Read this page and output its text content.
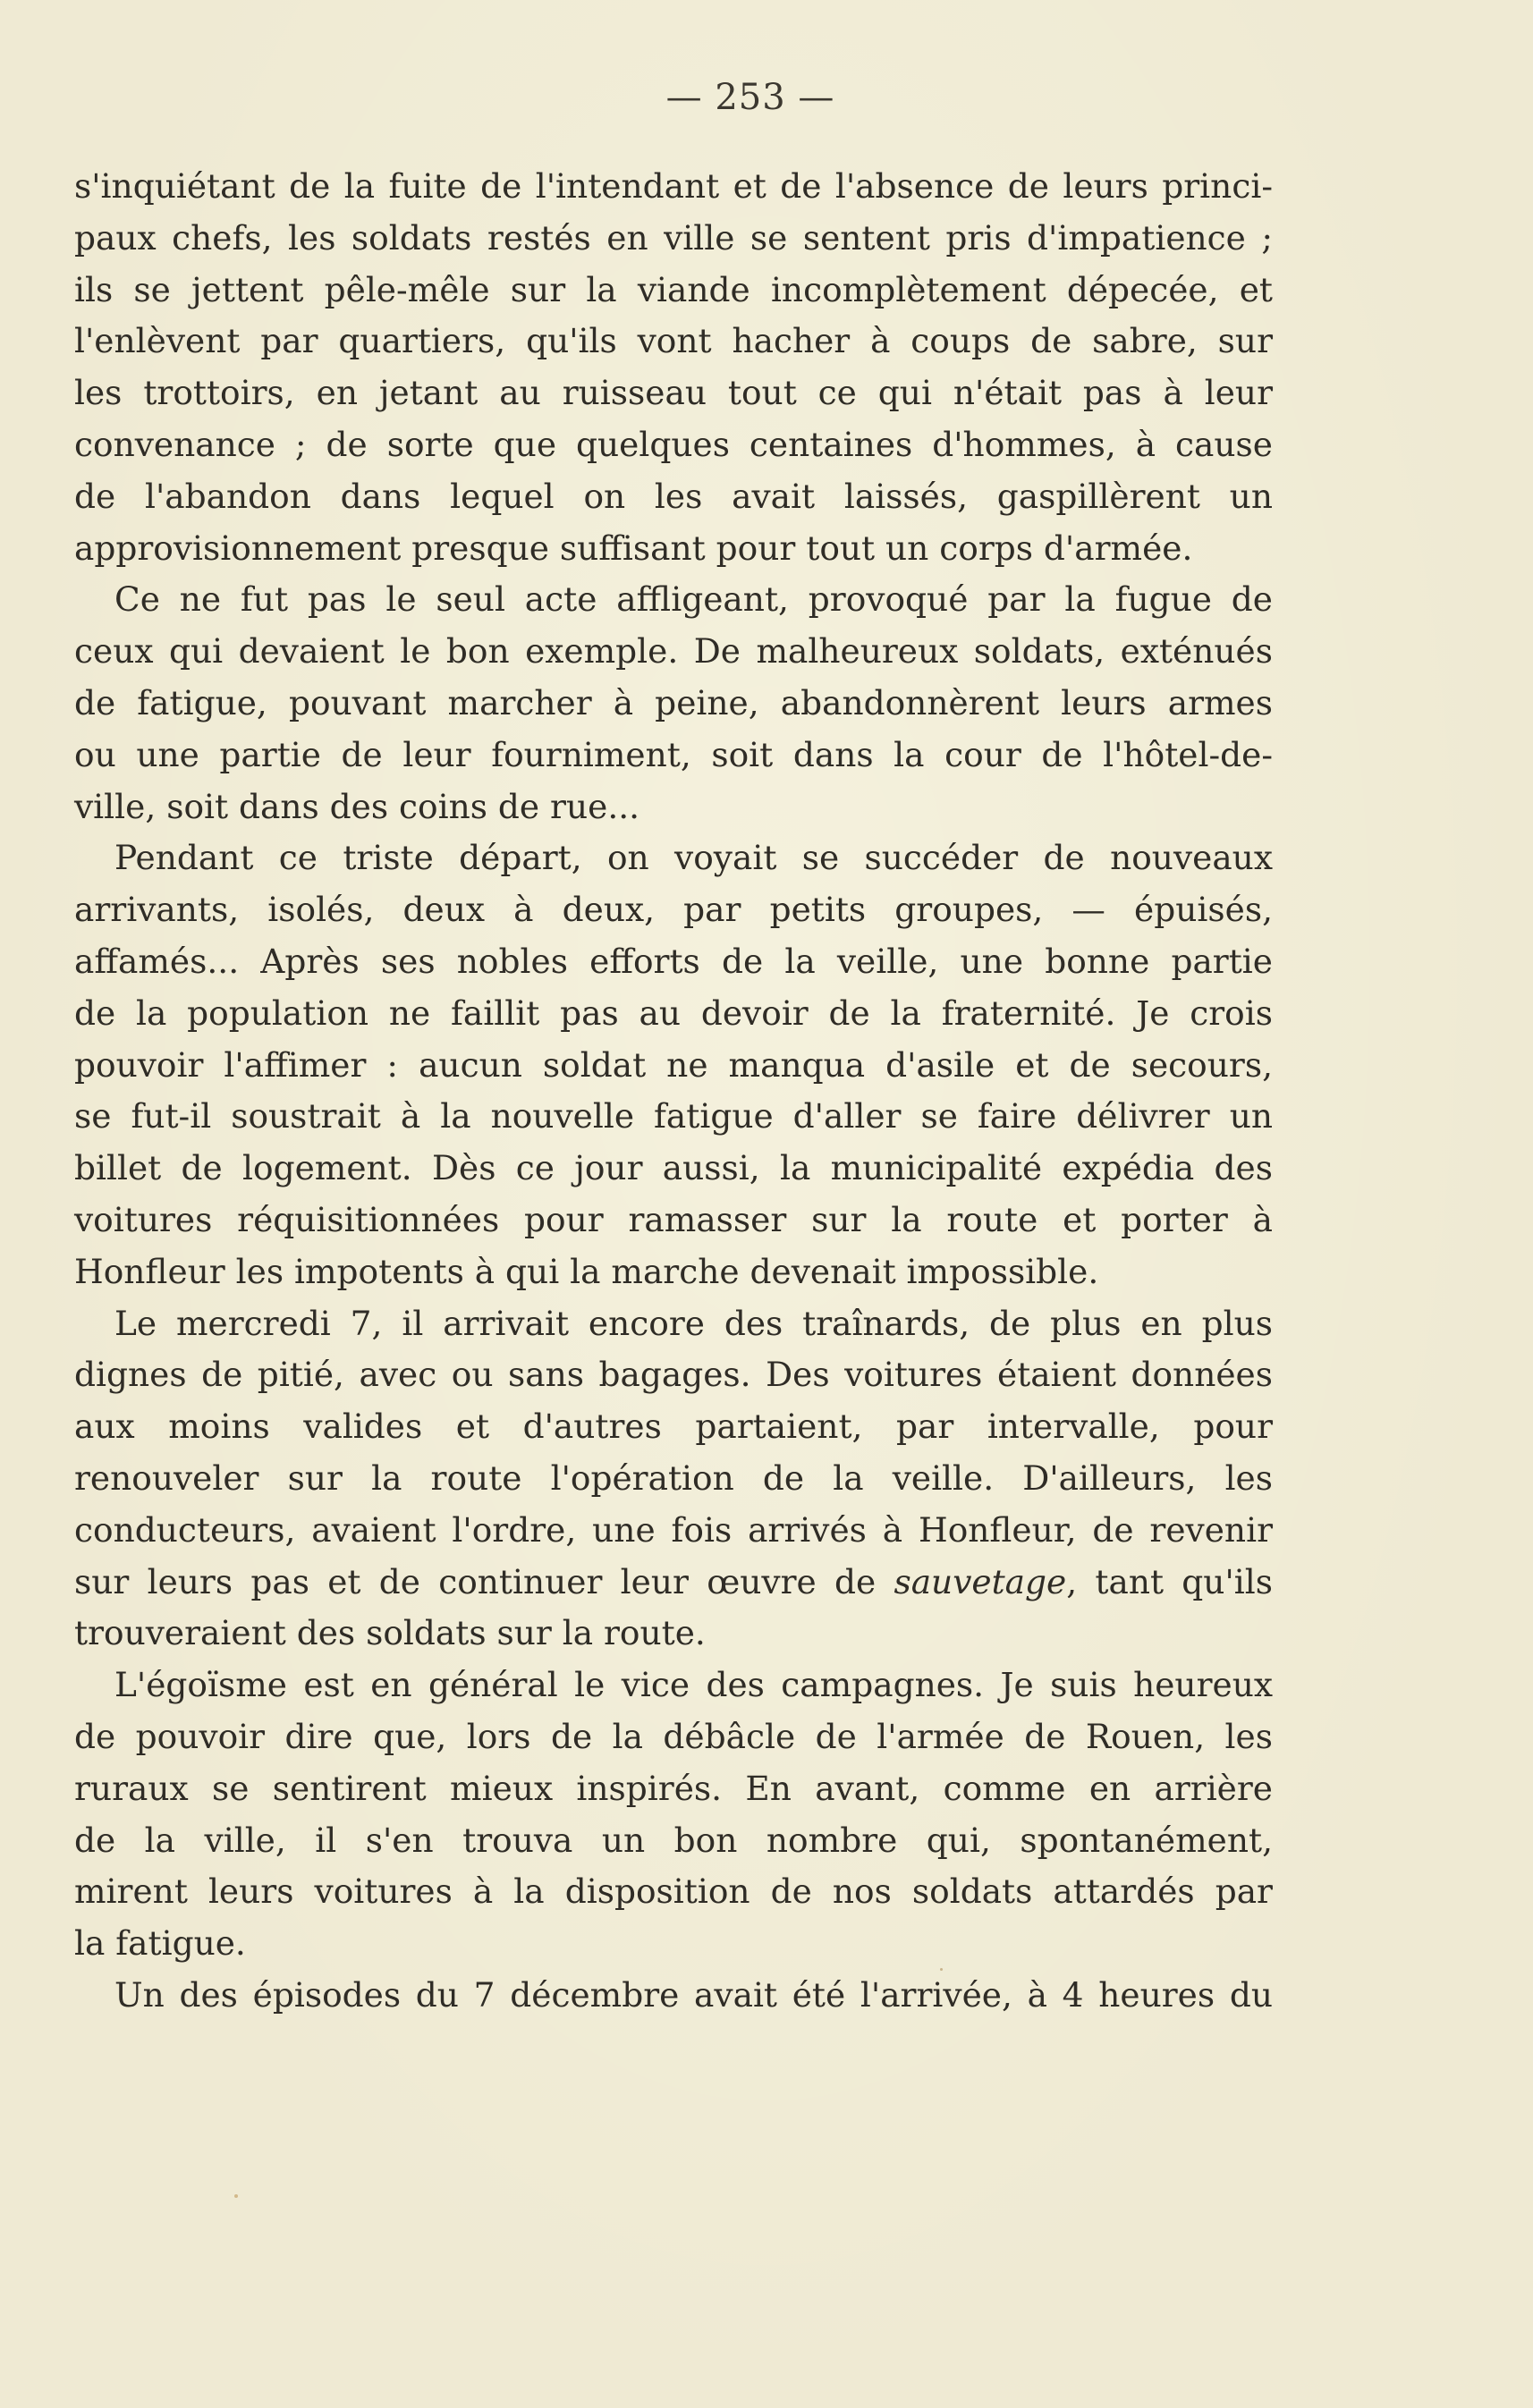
— 253 —
s'inquiétant de la fuite de l'intendant et de l'absence de leurs princi-
paux chefs, les soldats restés en ville se sentent pris d'impatience ;
ils se jettent pêle-mêle sur la viande incomplètement dépecée, et
l'enlèvent par quartiers, qu'ils vont hacher à coups de sabre, sur
les trottoirs, en jetant au ruisseau tout ce qui n'était pas à leur
convenance ; de sorte que quelques centaines d'hommes, à cause
de l'abandon dans lequel on les avait laissés, gaspillèrent un
approvisionnement presque suffisant pour tout un corps d'armée.
Ce ne fut pas le seul acte affligeant, provoqué par la fugue de
ceux qui devaient le bon exemple. De malheureux soldats, exténués
de fatigue, pouvant marcher à peine, abandonnèrent leurs armes
ou une partie de leur fourniment, soit dans la cour de l'hôtel-de-
ville, soit dans des coins de rue...
Pendant ce triste départ, on voyait se succéder de nouveaux
arrivants, isolés, deux à deux, par petits groupes, — épuisés,
affamés... Après ses nobles efforts de la veille, une bonne partie
de la population ne faillit pas au devoir de la fraternité. Je crois
pouvoir l'affimer : aucun soldat ne manqua d'asile et de secours,
se fut-il soustrait à la nouvelle fatigue d'aller se faire délivrer un
billet de logement. Dès ce jour aussi, la municipalité expédia des
voitures réquisitionnées pour ramasser sur la route et porter à
Honfleur les impotents à qui la marche devenait impossible.
Le mercredi 7, il arrivait encore des traînards, de plus en plus
dignes de pitié, avec ou sans bagages. Des voitures étaient données
aux moins valides et d'autres partaient, par intervalle, pour
renouveler sur la route l'opération de la veille. D'ailleurs, les
conducteurs, avaient l'ordre, une fois arrivés à Honfleur, de revenir
sur leurs pas et de continuer leur œuvre de sauvetage, tant qu'ils
trouveraient des soldats sur la route.
L'égoïsme est en général le vice des campagnes. Je suis heureux
de pouvoir dire que, lors de la débâcle de l'armée de Rouen, les
ruraux se sentirent mieux inspirés. En avant, comme en arrière
de la ville, il s'en trouva un bon nombre qui, spontanément,
mirent leurs voitures à la disposition de nos soldats attardés par
la fatigue.
Un des épisodes du 7 décembre avait été l'arrivée, à 4 heures du
